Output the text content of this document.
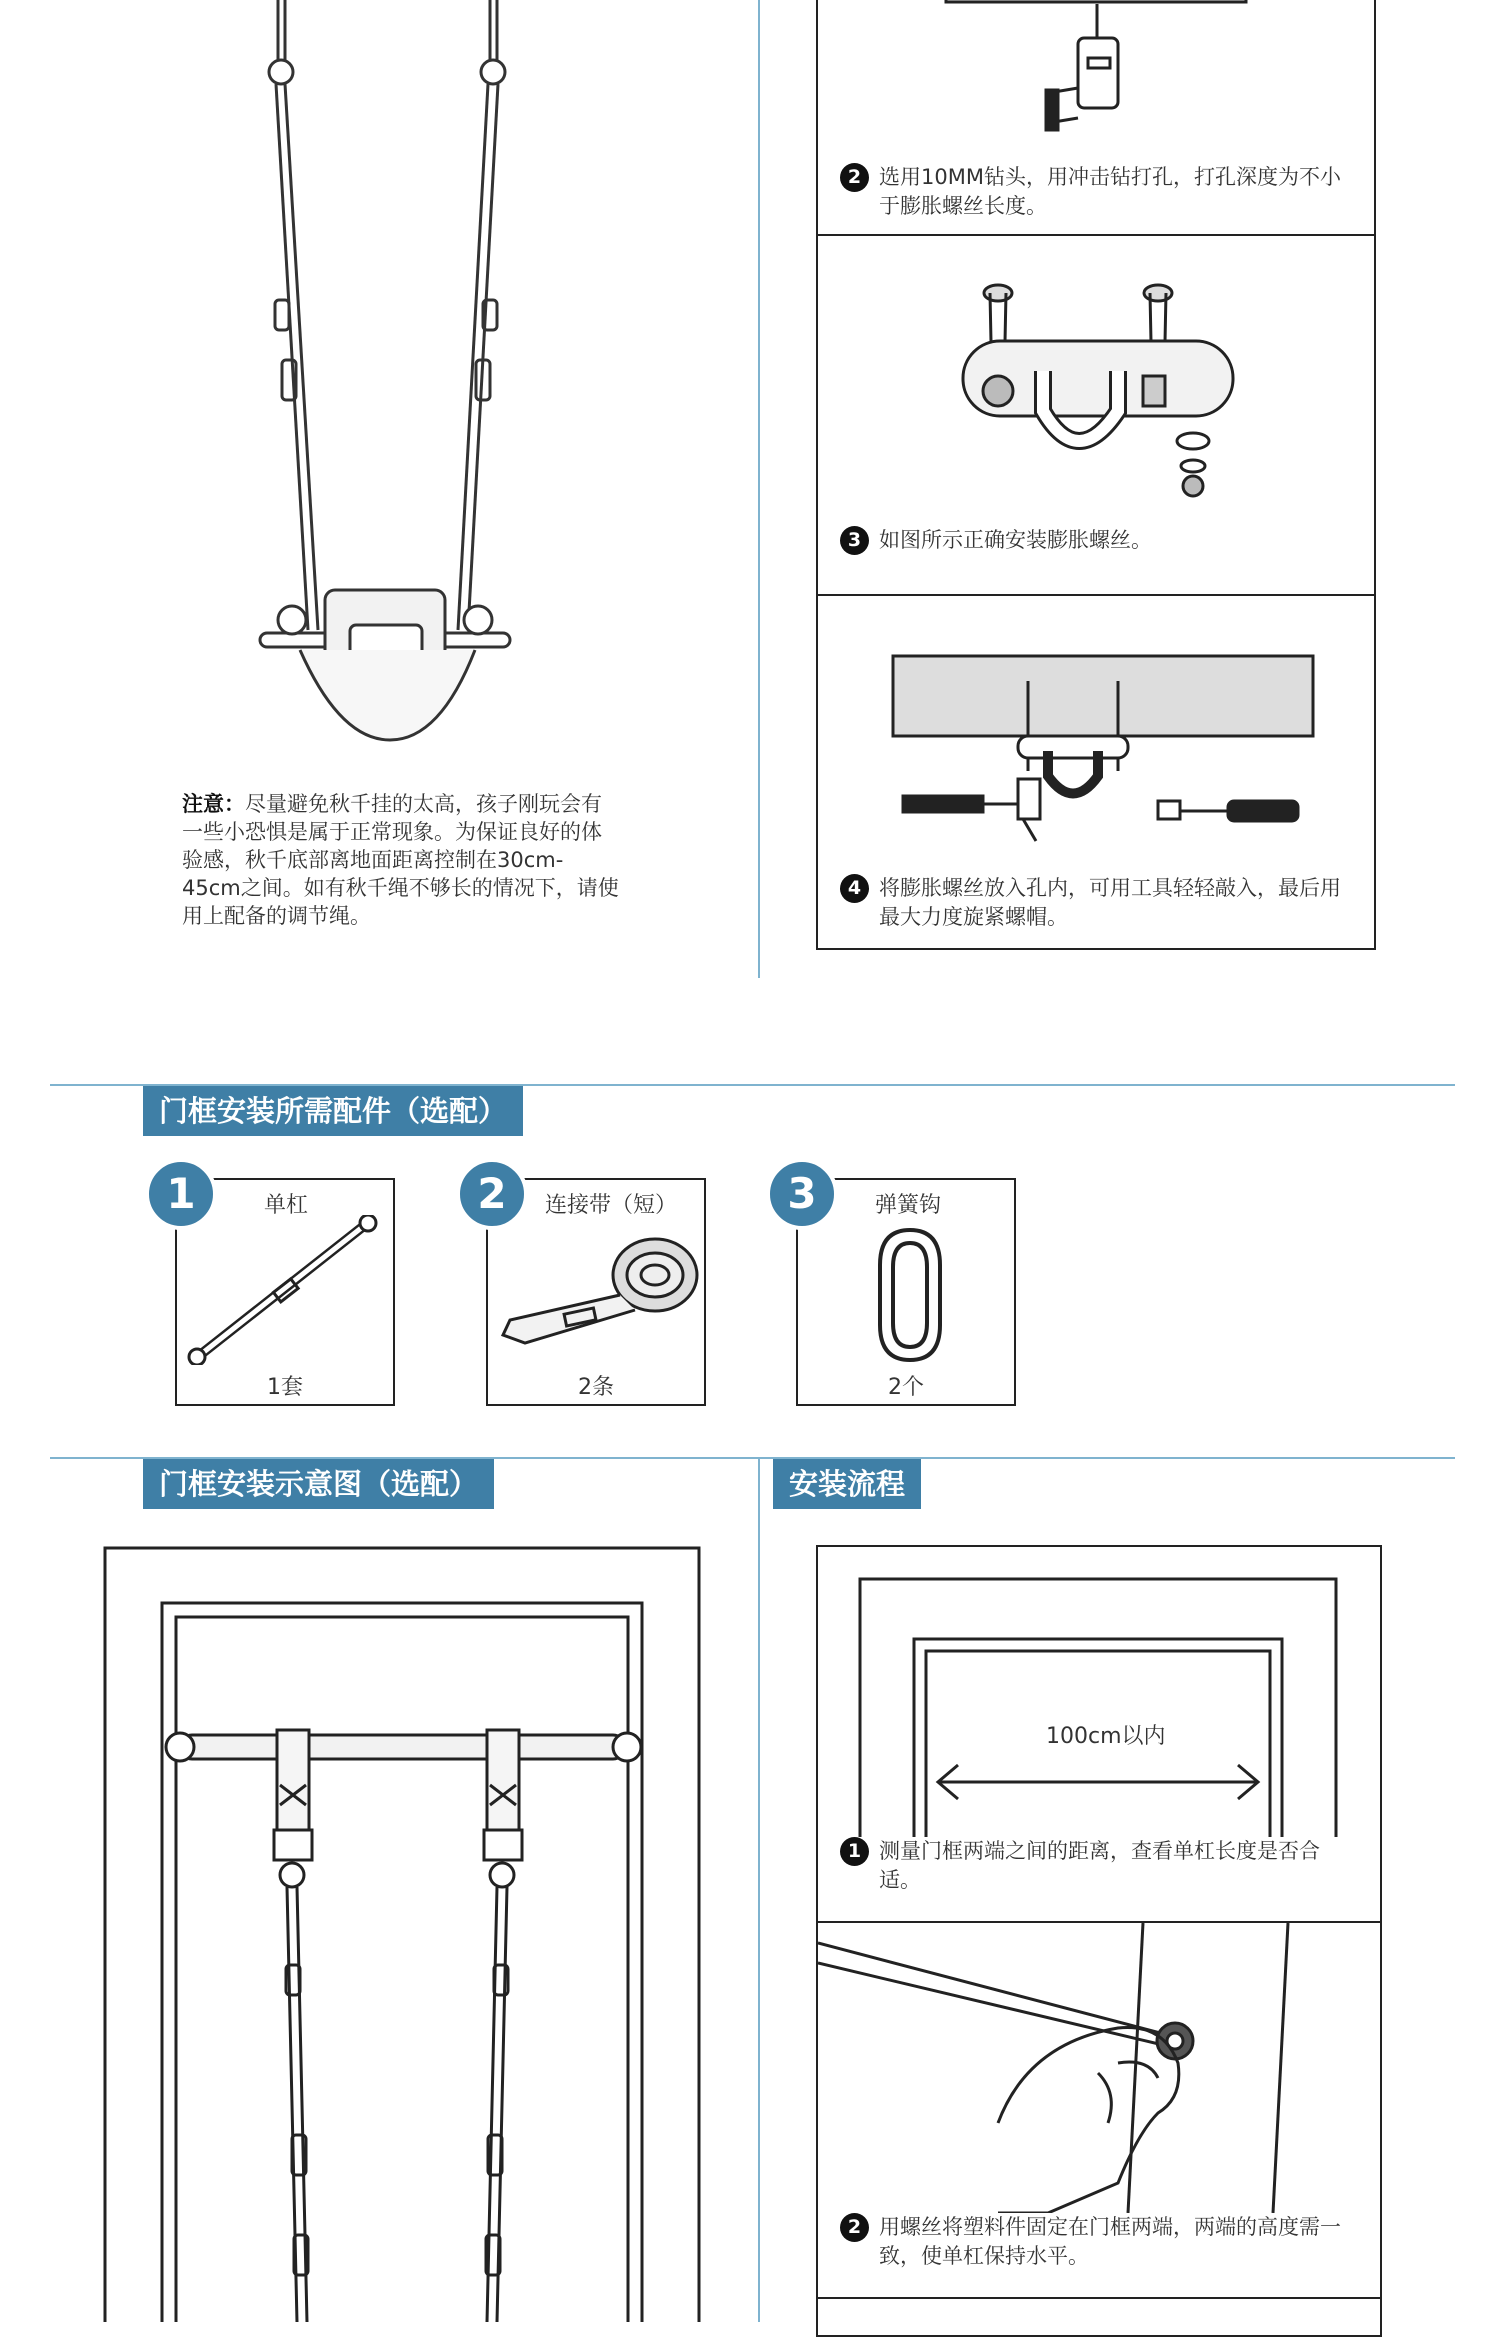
注意：尽量避免秋千挂的太高，孩子刚玩会有一些小恐惧是属于正常现象。为保证良好的体验感，秋千底部离地面距离控制在30cm-45cm之间。如有秋千绳不够长的情况下，请使用上配备的调节绳。
2 选用10MM钻头，用冲击钻打孔，打孔深度为不小于膨胀螺丝长度。
3 如图所示正确安装膨胀螺丝。
4 将膨胀螺丝放入孔内，可用工具轻轻敲入，最后用最大力度旋紧螺帽。
门框安装所需配件（选配）
1	单杠
1套
2	连接带（短）
2条
3	弹簧钩
2个
门框安装示意图（选配）	安装流程
100cm以内
1 测量门框两端之间的距离，查看单杠长度是否合适。
2 用螺丝将塑料件固定在门框两端，两端的高度需一致，使单杠保持水平。
